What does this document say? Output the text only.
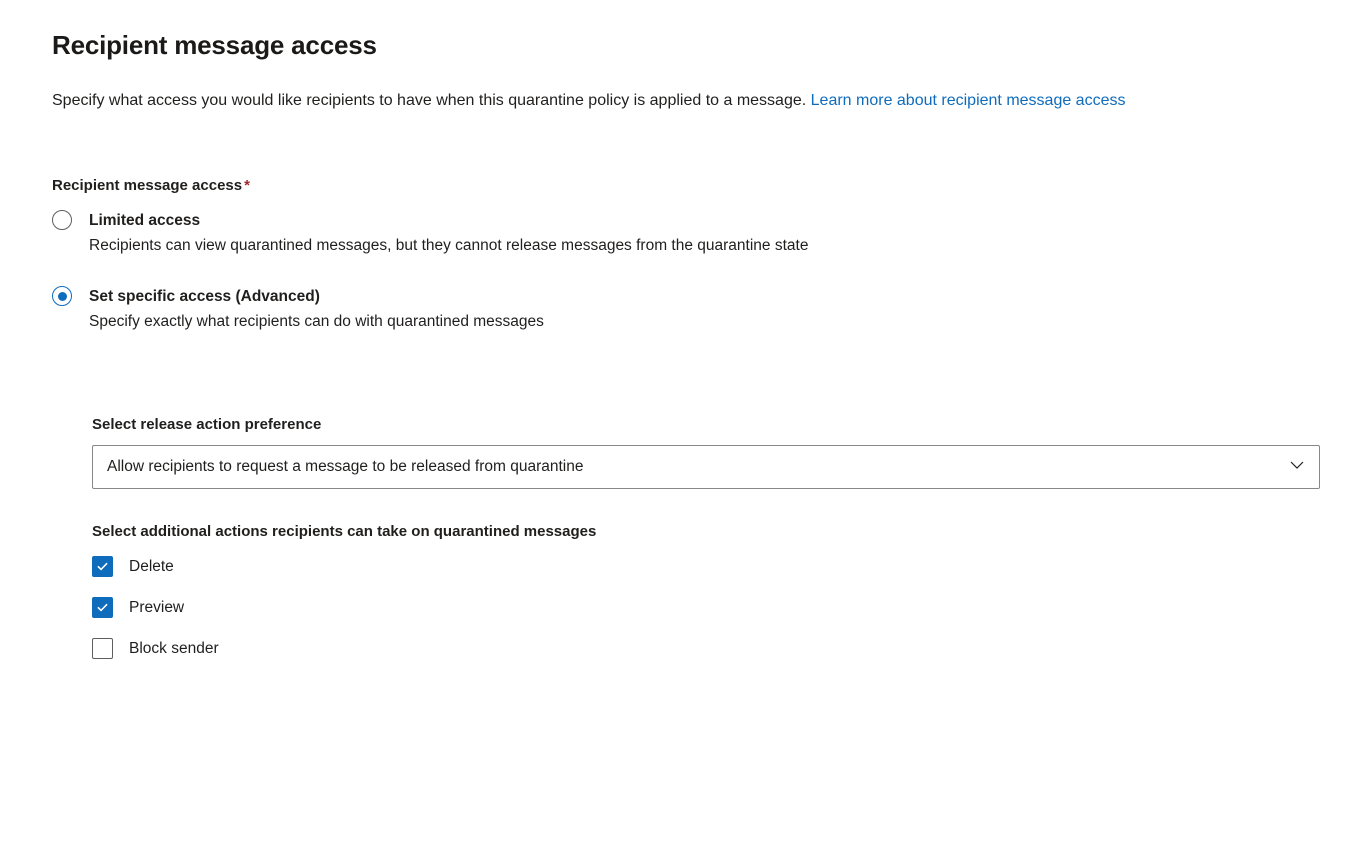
Recipient message access

Specify what access you would like recipients to have when this quarantine policy is applied to a message. Learn more about recipient message access

Recipient message access *
Limited access
Recipients can view quarantined messages, but they cannot release messages from the quarantine state
Set specific access (Advanced)
Specify exactly what recipients can do with quarantined messages
Select release action preference
Allow recipients to request a message to be released from quarantine
Select additional actions recipients can take on quarantined messages
Delete
Preview
Block sender
